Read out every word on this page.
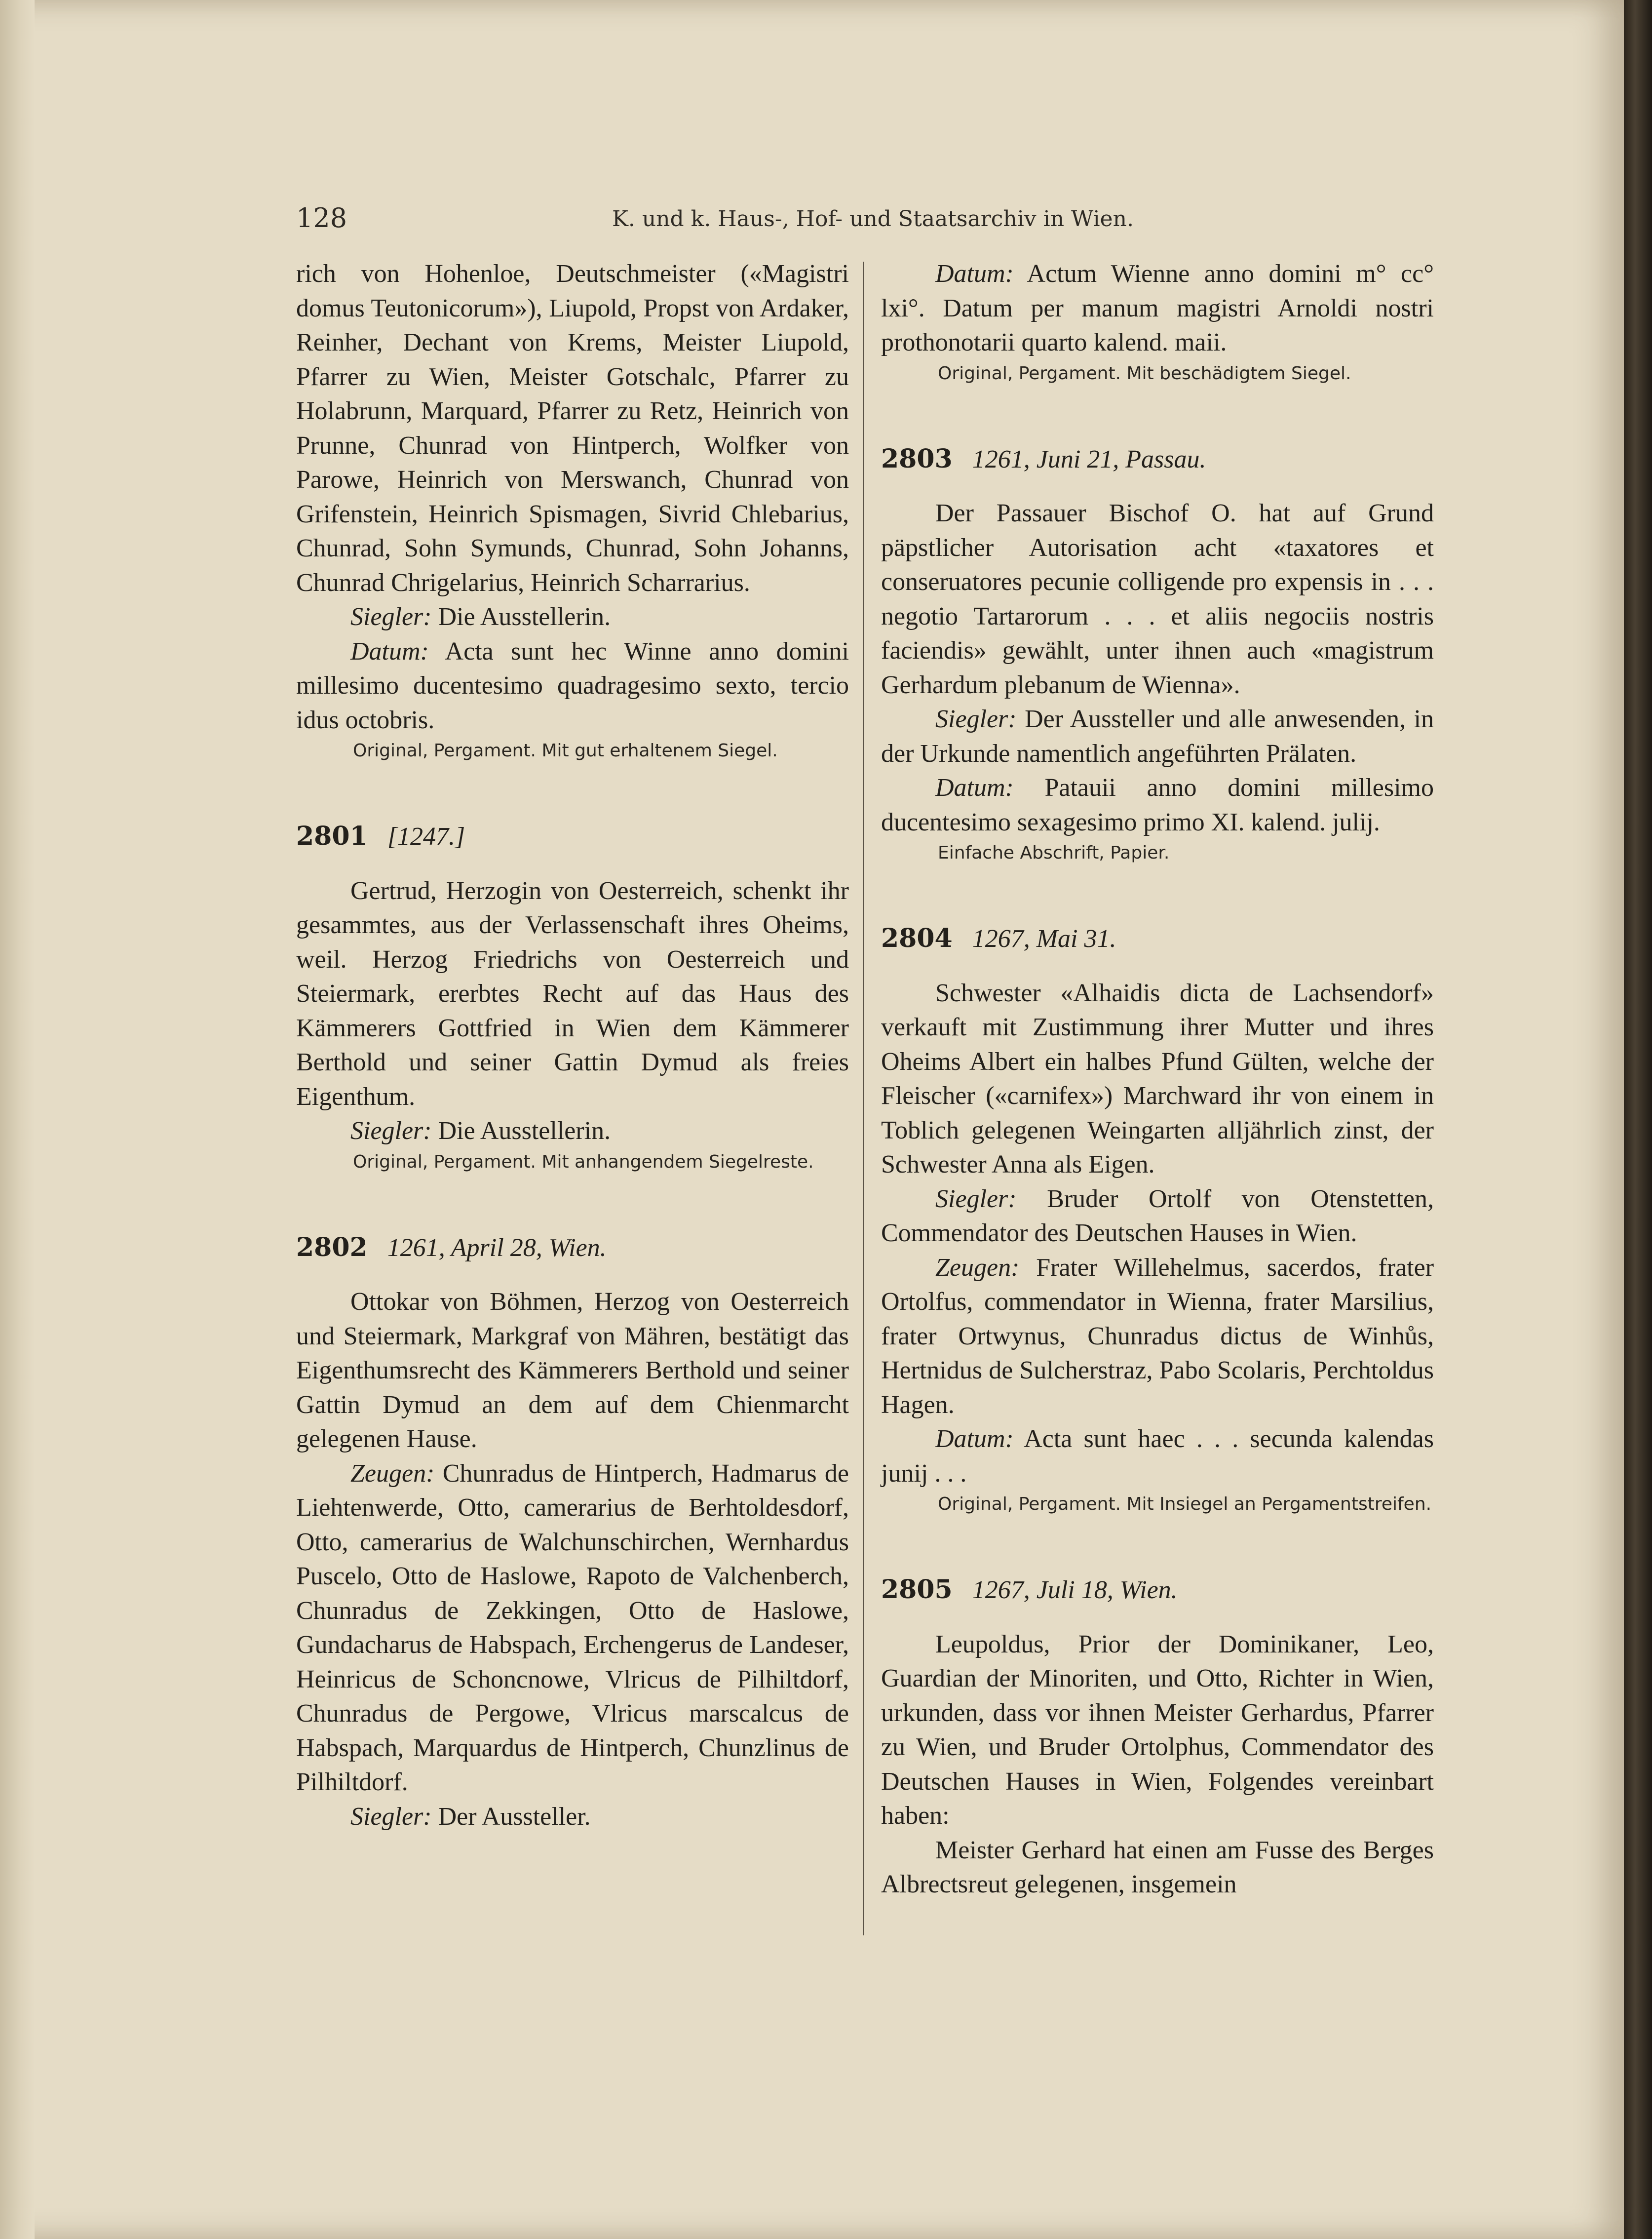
128	K. und k. Haus-, Hof- und Staatsarchiv in Wien.

rich von Hohenloe, Deutschmeister («Magistri domus Teutonicorum»), Liupold, Propst von Ardaker, Reinher, Dechant von Krems, Meister Liupold, Pfarrer zu Wien, Meister Gotschalc, Pfarrer zu Holabrunn, Marquard, Pfarrer zu Retz, Heinrich von Prunne, Chunrad von Hintperch, Wolfker von Parowe, Heinrich von Merswanch, Chunrad von Grifenstein, Heinrich Spismagen, Sivrid Chlebarius, Chunrad, Sohn Symunds, Chunrad, Sohn Johanns, Chunrad Chrigelarius, Heinrich Scharrarius.

Siegler: Die Ausstellerin.

Datum: Acta sunt hec Winne anno domini millesimo ducentesimo quadragesimo sexto, tercio idus octobris.

Original, Pergament. Mit gut erhaltenem Siegel.

2801 [1247.]

Gertrud, Herzogin von Oesterreich, schenkt ihr gesammtes, aus der Verlassenschaft ihres Oheims, weil. Herzog Friedrichs von Oesterreich und Steiermark, ererbtes Recht auf das Haus des Kämmerers Gottfried in Wien dem Kämmerer Berthold und seiner Gattin Dymud als freies Eigenthum.

Siegler: Die Ausstellerin.

Original, Pergament. Mit anhangendem Siegelreste.

2802 1261, April 28, Wien.

Ottokar von Böhmen, Herzog von Oesterreich und Steiermark, Markgraf von Mähren, bestätigt das Eigenthumsrecht des Kämmerers Berthold und seiner Gattin Dymud an dem auf dem Chienmarcht gelegenen Hause.

Zeugen: Chunradus de Hintperch, Hadmarus de Liehtenwerde, Otto, camerarius de Berhtoldesdorf, Otto, camerarius de Walchunschirchen, Wernhardus Puscelo, Otto de Haslowe, Rapoto de Valchenberch, Chunradus de Zekkingen, Otto de Haslowe, Gundacharus de Habspach, Erchengerus de Landeser, Heinricus de Schoncnowe, Vlricus de Pilhiltdorf, Chunradus de Pergowe, Vlricus marscalcus de Habspach, Marquardus de Hintperch, Chunzlinus de Pilhiltdorf.

Siegler: Der Aussteller.

Datum: Actum Wienne anno domini m° cc° lxi°. Datum per manum magistri Arnoldi nostri prothonotarii quarto kalend. maii.

Original, Pergament. Mit beschädigtem Siegel.

2803 1261, Juni 21, Passau.

Der Passauer Bischof O. hat auf Grund päpstlicher Autorisation acht «taxatores et conseruatores pecunie colligende pro expensis in . . . negotio Tartarorum . . . et aliis negociis nostris faciendis» gewählt, unter ihnen auch «magistrum Gerhardum plebanum de Wienna».

Siegler: Der Aussteller und alle anwesenden, in der Urkunde namentlich angeführten Prälaten.

Datum: Patauii anno domini millesimo ducentesimo sexagesimo primo XI. kalend. julij.

Einfache Abschrift, Papier.

2804 1267, Mai 31.

Schwester «Alhaidis dicta de Lachsendorf» verkauft mit Zustimmung ihrer Mutter und ihres Oheims Albert ein halbes Pfund Gülten, welche der Fleischer («carnifex») Marchward ihr von einem in Toblich gelegenen Weingarten alljährlich zinst, der Schwester Anna als Eigen.

Siegler: Bruder Ortolf von Otenstetten, Commendator des Deutschen Hauses in Wien.

Zeugen: Frater Willehelmus, sacerdos, frater Ortolfus, commendator in Wienna, frater Marsilius, frater Ortwynus, Chunradus dictus de Winhůs, Hertnidus de Sulcherstraz, Pabo Scolaris, Perchtoldus Hagen.

Datum: Acta sunt haec . . . secunda kalendas junij . . .

Original, Pergament. Mit Insiegel an Pergamentstreifen.

2805 1267, Juli 18, Wien.

Leupoldus, Prior der Dominikaner, Leo, Guardian der Minoriten, und Otto, Richter in Wien, urkunden, dass vor ihnen Meister Gerhardus, Pfarrer zu Wien, und Bruder Ortolphus, Commendator des Deutschen Hauses in Wien, Folgendes vereinbart haben:

Meister Gerhard hat einen am Fusse des Berges Albrectsreut gelegenen, insgemein
